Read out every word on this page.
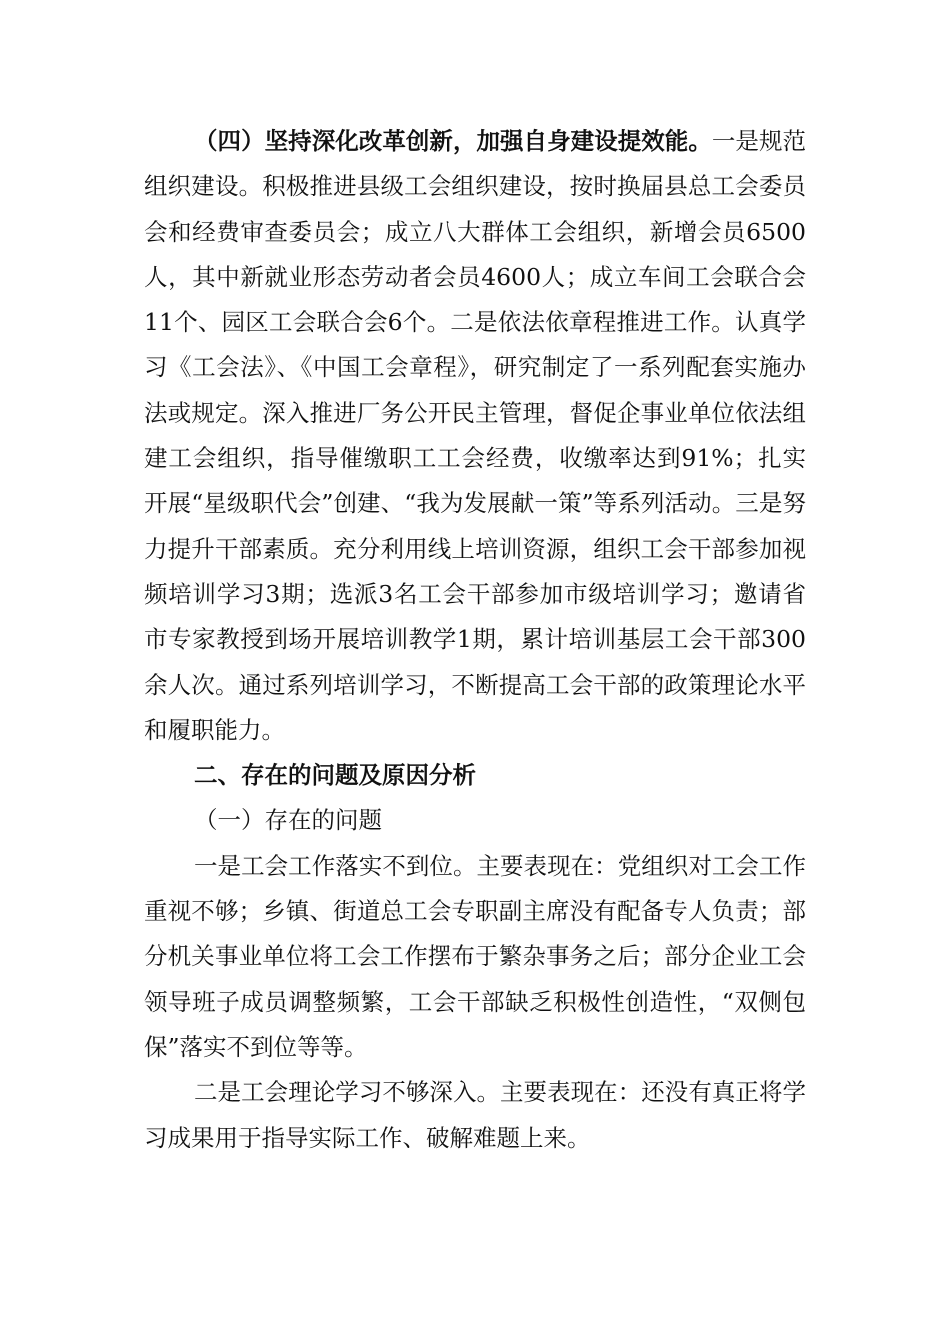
（四）坚持深化改革创新，加强自身建设提效能。一是规范组织建设。积极推进县级工会组织建设，按时换届县总工会委员会和经费审查委员会；成立八大群体工会组织，新增会员6500人，其中新就业形态劳动者会员4600人；成立车间工会联合会11个、园区工会联合会6个。二是依法依章程推进工作。认真学习《工会法》、《中国工会章程》，研究制定了一系列配套实施办法或规定。深入推进厂务公开民主管理，督促企事业单位依法组建工会组织，指导催缴职工工会经费，收缴率达到91%；扎实开展“星级职代会”创建、“我为发展献一策”等系列活动。三是努力提升干部素质。充分利用线上培训资源，组织工会干部参加视频培训学习3期；选派3名工会干部参加市级培训学习；邀请省市专家教授到场开展培训教学1期，累计培训基层工会干部300余人次。通过系列培训学习，不断提高工会干部的政策理论水平和履职能力。

二、存在的问题及原因分析

（一）存在的问题

一是工会工作落实不到位。主要表现在：党组织对工会工作重视不够；乡镇、街道总工会专职副主席没有配备专人负责；部分机关事业单位将工会工作摆布于繁杂事务之后；部分企业工会领导班子成员调整频繁，工会干部缺乏积极性创造性，“双侧包保”落实不到位等等。

二是工会理论学习不够深入。主要表现在：还没有真正将学习成果用于指导实际工作、破解难题上来。
